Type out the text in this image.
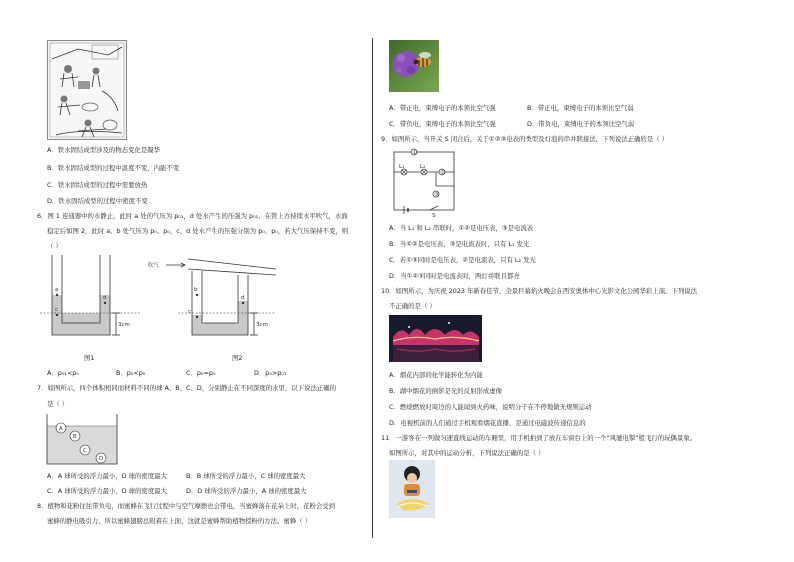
A．铁水固结成型涉及的物态变化是凝华
B．铁水固结成型的过程中温度不变，内能不变
C．铁水固结成型的过程中需要放热
D．铁水固结成型的过程中密度不变
6．图 1 连通器中的水静止，此时 a 处的气压为 p₀₁，d 处水产生的压强为 p₀₁，在管上方持续水平吹气，水面
稳定后如图 2，此时 a、b 处气压为 p₀、p₀，c、d 处水产生的压强分别为 p₀、p₀，若大气压保持不变，则
（ ）
a
c
d
3cm
图1
吹气
b
c
d
3cm
图2
A．p₀₁<p₀	B．p₀<p₀	C．p₀=p₀	D．p₀>p₀₁
7．如图所示，四个体积相同而材料不同的球 A、B、C、D，分别静止在不同深度的水里，以下说法正确的
是（ ）
A
B
C
D
A．A 球所受的浮力最小，D 球的密度最大	B．B 球所受的浮力最小，C 球的密度最大
C．A 球所受的浮力最小，D 球的密度最大	D．D 球所受的浮力最小，A 球的密度最大
8．植物和花粉往往带负电，而蜜蜂在飞行过程中与空气摩擦也会带电，当蜜蜂落在花朵上时，花粉会受到
蜜蜂的静电吸引力，所以蜜蜂翅膀总附着在上面，这就是蜜蜂帮助植物授粉的方法。蜜蜂（ ）
A．带正电，束缚电子的本领比空气强	B．带正电，束缚电子的本领比空气弱
C．带负电，束缚电子的本领比空气强	D．带负电，束缚电子的本领比空气弱
9．如图所示，当开关 S 闭合后，关于①②③电表的类型及灯泡的串并联接法，下列说法正确的是（ ）
L₁	L₂
①
②
③
S
A．当 L₁ 和 L₂ 串联时，①②是电压表，③是电流表
B．当①②是电压表，③是电流表时，只有 L₁ 发光
C．若①③同时是电压表，②是电流表，只有 L₂ 发光
D．当①②③同时是电流表时，两灯并联且都亮
10．如图所示，为庆祝 2023 年新春佳节，全景巨幕焰火晚会在西安奥体中心光影文化公园华彩上演。下列说法
不正确的是（ ）
A．烟花内部的化学能转化为内能
B．湖中烟花的倒影是光的反射形成虚像
C．燃烧燃放时周边的人能闻到火药味，说明分子在不停地做无规则运动
D．电视机前的人们通过手机观看烟花直播，是通过电磁波传递信息的
11．一游客在一列做匀速直线运动的车厢里，用手机拍到了放在车窗台上的一个“风驰电掣”般飞行的玩偶景象。
如图所示，对其中的运动分析，下列说法正确的是（ ）
